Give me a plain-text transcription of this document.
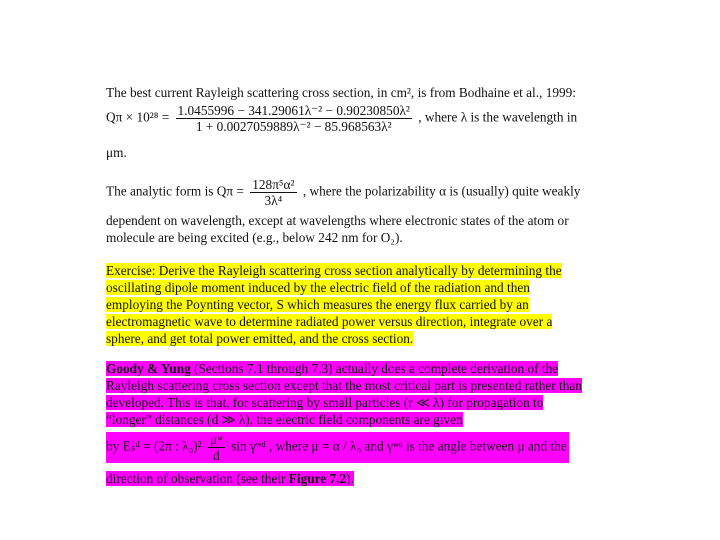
The best current Rayleigh scattering cross section, in cm², is from Bodhaine et al., 1999:
$Q\pi \times 10^{28} = \frac{\text{1.0455996 − 341.29061λ⁻² − 0.90230850λ²}}{\text{1 + 0.0027059889λ⁻² − 85.968563λ²}}$ , where λ is the wavelength in
μm.
The analytic form is $Q\pi = \frac{\text{128π⁵α²}}{\text{3λ⁴}}$ , where the polarizability α is (usually) quite weakly
dependent on wavelength, except at wavelengths where electronic states of the atom or
molecule are being excited (e.g., below 242 nm for O₂).
Exercise: Derive the Rayleigh scattering cross section analytically by determining the
oscillating dipole moment induced by the electric field of the radiation and then
employing the Poynting vector, S which measures the energy flux carried by an
electromagnetic wave to determine radiated power versus direction, integrate over a
sphere, and get total power emitted, and the cross section.
Goody & Yung (Sections 7.1 through 7.3) actually does a complete derivation of the
Rayleigh scattering cross section except that the most critical part is presented rather than
developed. This is that, for scattering by small particles (r ≪ λ) for propagation to
“longer” distances (d ≫ λ), the electric field components are given
by Eₛᵈ = (2π : $\lambda_0)^2 \frac{\text{μʷ}}{d}$ sin γʷᵈ , where μ = α / λ₀ and γʷᵈ is the angle between μ and the
direction of observation (see their Figure 7.2).
